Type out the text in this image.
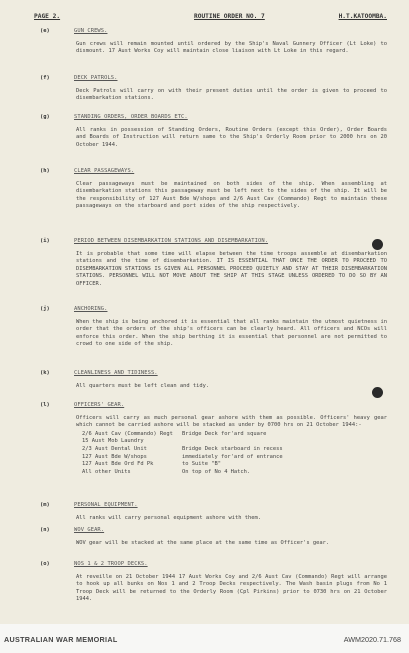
PAGE 2.	ROUTINE ORDER NO. 7	H.T.KATOOMBA.
(e)	GUN CREWS.

Gun crews will remain mounted until ordered by the Ship's Naval Gunnery Officer (Lt Loke) to dismount. 17 Aust Works Coy will maintain close liaison with Lt Loke in this regard.

(f)	DECK PATROLS.

Deck Patrols will carry on with their present duties until the order is given to proceed to disembarkation stations.

(g)	STANDING ORDERS, ORDER BOARDS ETC.

All ranks in possession of Standing Orders, Routine Orders (except this Order), Order Boards and Boards of Instruction will return same to the Ship's Orderly Room prior to 2000 hrs on 20 October 1944.

(h)	CLEAR PASSAGEWAYS.

Clear passageways must be maintained on both sides of the ship. When assembling at disembarkation stations this passageway must be left next to the sides of the ship. It will be the responsibility of 127 Aust Bde W/shops and 2/6 Aust Cav (Commando) Regt to maintain these passageways on the starboard and port sides of the ship respectively.

(i)	PERIOD BETWEEN DISEMBARKATION STATIONS AND DISEMBARKATION.

It is probable that some time will elapse between the time troops assemble at disembarkation stations and the time of disembarkation. IT IS ESSENTIAL THAT ONCE THE ORDER TO PROCEED TO DISEMBARKATION STATIONS IS GIVEN ALL PERSONNEL PROCEED QUIETLY AND STAY AT THEIR DISEMBARKATION STATIONS. PERSONNEL WILL NOT MOVE ABOUT THE SHIP AT THIS STAGE UNLESS ORDERED TO DO SO BY AN OFFICER.

(j)	ANCHORING.

When the ship is being anchored it is essential that all ranks maintain the utmost quietness in order that the orders of the ship's officers can be clearly heard. All officers and NCOs will enforce this order. When the ship berthing it is essential that personnel are not permitted to crowd to one side of the ship.

(k)	CLEANLINESS AND TIDINESS.

All quarters must be left clean and tidy.

(l)	OFFICERS' GEAR.

Officers will carry as much personal gear ashore with them as possible. Officers' heavy gear which cannot be carried ashore will be stacked as under by 0700 hrs on 21 October 1944:-

2/6 Aust Cav (Commando) Regt	Bridge Deck for'ard square
15 Aust Mob Laundry
2/3 Aust Dental Unit	Bridge Deck starboard in recess
127 Aust Bde W/shops	immediately for'ard of entrance
127 Aust Bde Ord Fd Pk	to Suite "B"
All other Units	On top of No 4 Hatch.
(m)	PERSONAL EQUIPMENT.

All ranks will carry personal equipment ashore with them.

(n)	WOV GEAR.

WOV gear will be stacked at the same place at the same time as Officer's gear.

(o)	NOS 1 & 2 TROOP DECKS.

At reveille on 21 October 1944 17 Aust Works Coy and 2/6 Aust Cav (Commando) Regt will arrange to hook up all bunks on Nos 1 and 2 Troop Decks respectively. The Wash basin plugs from No 1 Troop Deck will be returned to the Orderly Room (Cpl Pirkins) prior to 0730 hrs on 21 October 1944.

AUSTRALIAN WAR MEMORIAL	AWM2020.71.768
